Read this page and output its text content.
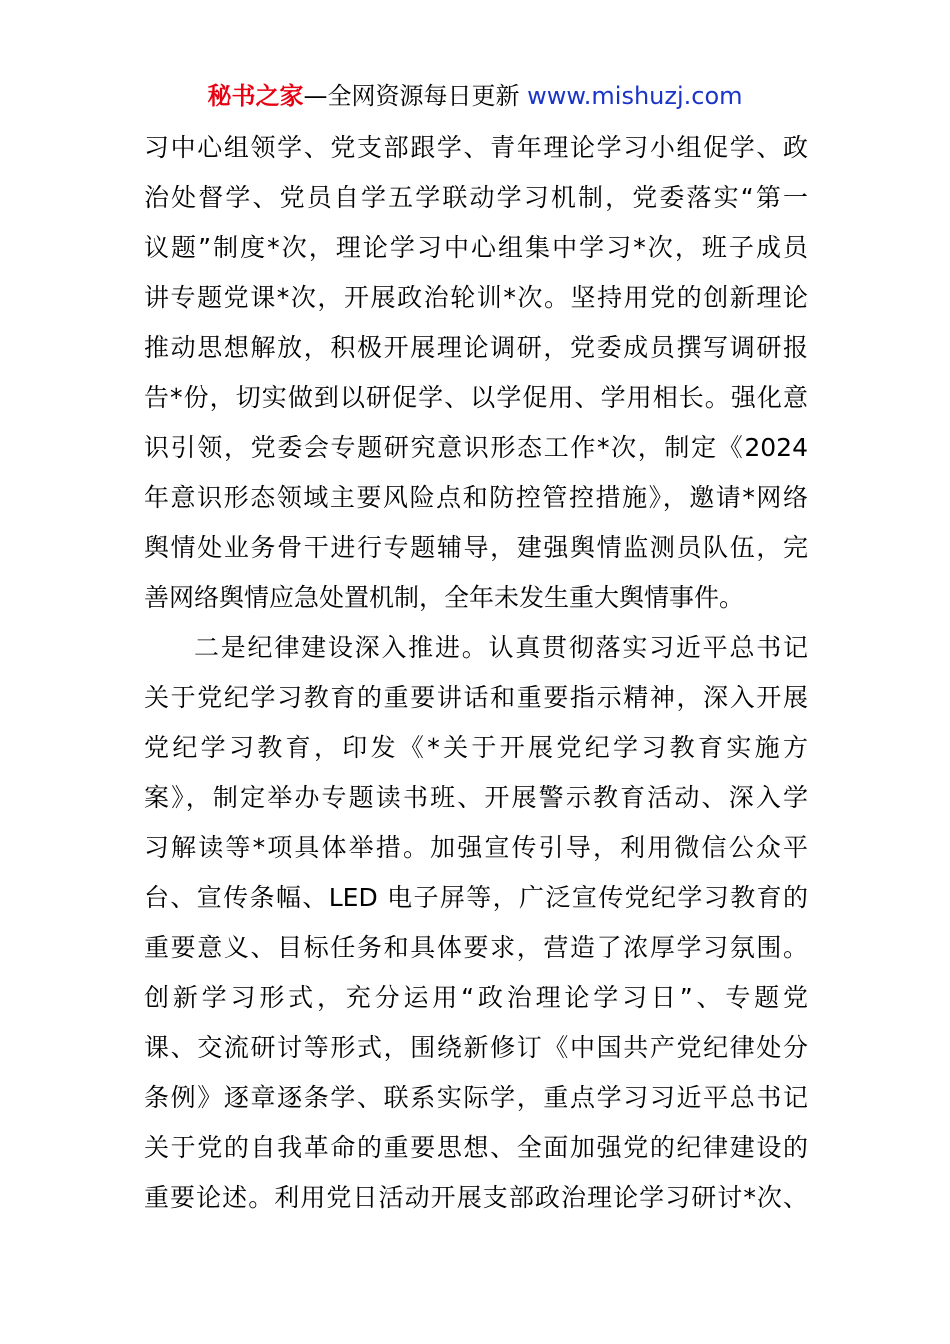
秘书之家—全网资源每日更新 www.mishuzj.com
习中心组领学、党支部跟学、青年理论学习小组促学、政
治处督学、党员自学五学联动学习机制，党委落实“第一
议题”制度*次，理论学习中心组集中学习*次，班子成员
讲专题党课*次，开展政治轮训*次。坚持用党的创新理论
推动思想解放，积极开展理论调研，党委成员撰写调研报
告*份，切实做到以研促学、以学促用、学用相长。强化意
识引领，党委会专题研究意识形态工作*次，制定《2024
年意识形态领域主要风险点和防控管控措施》，邀请*网络
舆情处业务骨干进行专题辅导，建强舆情监测员队伍，完
善网络舆情应急处置机制，全年未发生重大舆情事件。
二是纪律建设深入推进。认真贯彻落实习近平总书记
关于党纪学习教育的重要讲话和重要指示精神，深入开展
党纪学习教育，印发《*关于开展党纪学习教育实施方
案》，制定举办专题读书班、开展警示教育活动、深入学
习解读等*项具体举措。加强宣传引导，利用微信公众平
台、宣传条幅、LED 电子屏等，广泛宣传党纪学习教育的
重要意义、目标任务和具体要求，营造了浓厚学习氛围。
创新学习形式，充分运用“政治理论学习日”、专题党
课、交流研讨等形式，围绕新修订《中国共产党纪律处分
条例》逐章逐条学、联系实际学，重点学习习近平总书记
关于党的自我革命的重要思想、全面加强党的纪律建设的
重要论述。利用党日活动开展支部政治理论学习研讨*次、
